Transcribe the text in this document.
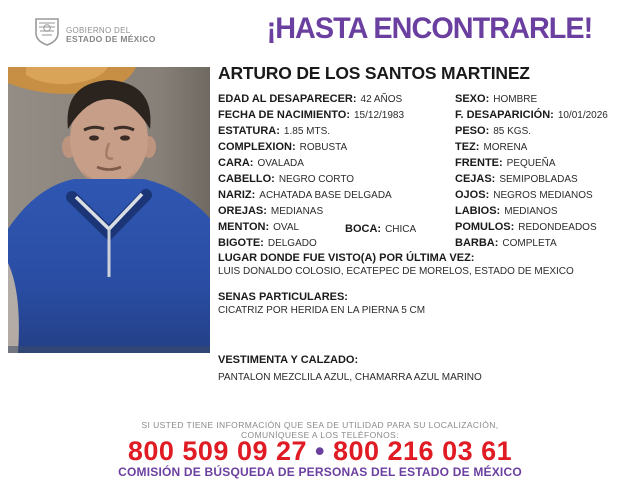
GOBIERNO DEL
ESTADO DE MÉXICO	¡HASTA ENCONTRARLE!
ARTURO DE LOS SANTOS MARTINEZ
EDAD AL DESAPARECER: 42 AÑOS
FECHA DE NACIMIENTO: 15/12/1983
ESTATURA: 1.85 MTS.
COMPLEXION: ROBUSTA
CARA: OVALADA
CABELLO: NEGRO CORTO
NARIZ: ACHATADA BASE DELGADA
OREJAS: MEDIANAS
MENTON: OVAL
BIGOTE: DELGADO
BOCA: CHICA
SEXO: HOMBRE
F. DESAPARICIÓN: 10/01/2026
PESO: 85 KGS.
TEZ: MORENA
FRENTE: PEQUEÑA
CEJAS: SEMIPOBLADAS
OJOS: NEGROS MEDIANOS
LABIOS: MEDIANOS
POMULOS: REDONDEADOS
BARBA: COMPLETA
LUGAR DONDE FUE VISTO(A) POR ÚLTIMA VEZ:
LUIS DONALDO COLOSIO, ECATEPEC DE MORELOS, ESTADO DE MEXICO
SENAS PARTICULARES:
CICATRIZ POR HERIDA EN LA PIERNA 5 CM
VESTIMENTA Y CALZADO:
PANTALON MEZCLILA AZUL, CHAMARRA AZUL MARINO
SI USTED TIENE INFORMACIÓN QUE SEA DE UTILIDAD PARA SU LOCALIZACIÓN,
COMUNÍQUESE A LOS TELÉFONOS:
800 509 09 27 • 800 216 03 61
COMISIÓN DE BÚSQUEDA DE PERSONAS DEL ESTADO DE MÉXICO
